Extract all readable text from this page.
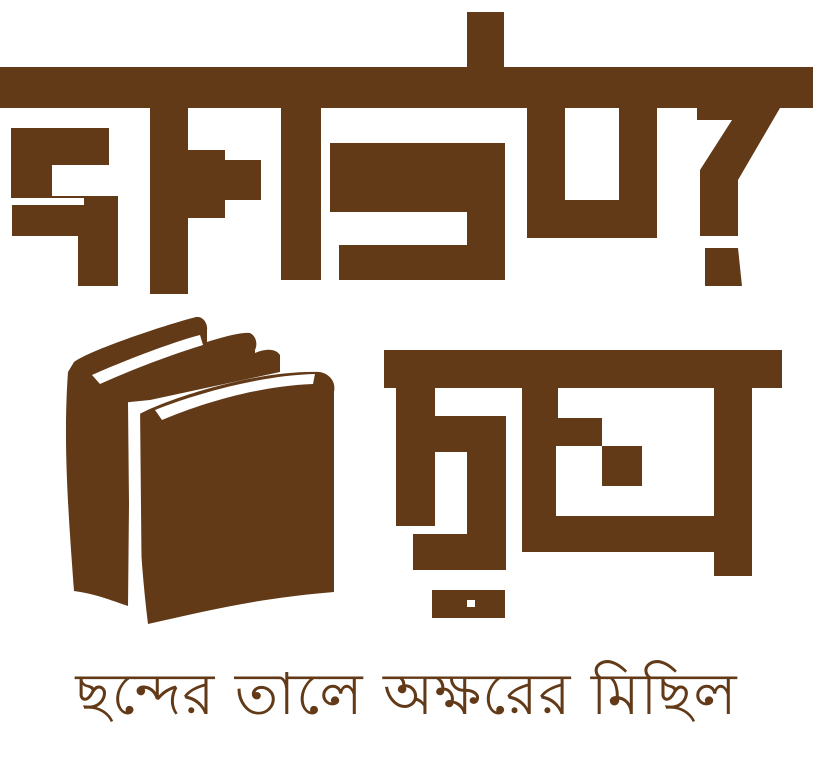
ছন্দের তালে অক্ষরের মিছিল
